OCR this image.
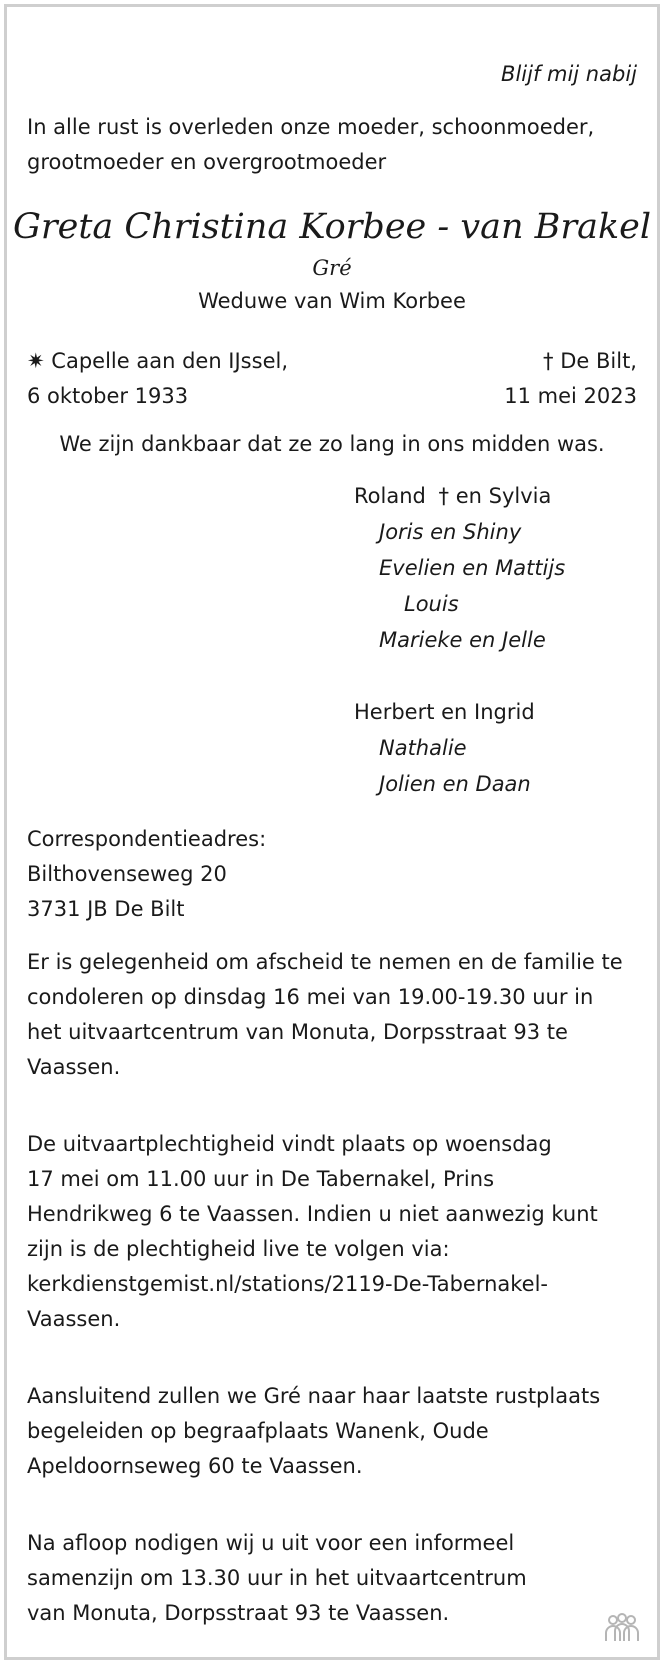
Blijf mij nabij

In alle rust is overleden onze moeder, schoonmoeder,
grootmoeder en overgrootmoeder

Greta Christina Korbee - van Brakel

Gré

Weduwe van Wim Korbee

✷ Capelle aan den IJssel,
6 oktober 1933
† De Bilt,
11 mei 2023

We zijn dankbaar dat ze zo lang in ons midden was.

Roland † en Sylvia

Joris en Shiny

Evelien en Mattijs

Louis

Marieke en Jelle

Herbert en Ingrid

Nathalie

Jolien en Daan

Correspondentieadres:
Bilthovenseweg 20
3731 JB De Bilt
Er is gelegenheid om afscheid te nemen en de familie te
condoleren op dinsdag 16 mei van 19.00-19.30 uur in
het uitvaartcentrum van Monuta, Dorpsstraat 93 te
Vaassen.
De uitvaartplechtigheid vindt plaats op woensdag
17 mei om 11.00 uur in De Tabernakel, Prins
Hendrikweg 6 te Vaassen. Indien u niet aanwezig kunt
zijn is de plechtigheid live te volgen via:
kerkdienstgemist.nl/stations/2119-De-Tabernakel-
Vaassen.
Aansluitend zullen we Gré naar haar laatste rustplaats
begeleiden op begraafplaats Wanenk, Oude
Apeldoornseweg 60 te Vaassen.
Na afloop nodigen wij u uit voor een informeel
samenzijn om 13.30 uur in het uitvaartcentrum
van Monuta, Dorpsstraat 93 te Vaassen.
